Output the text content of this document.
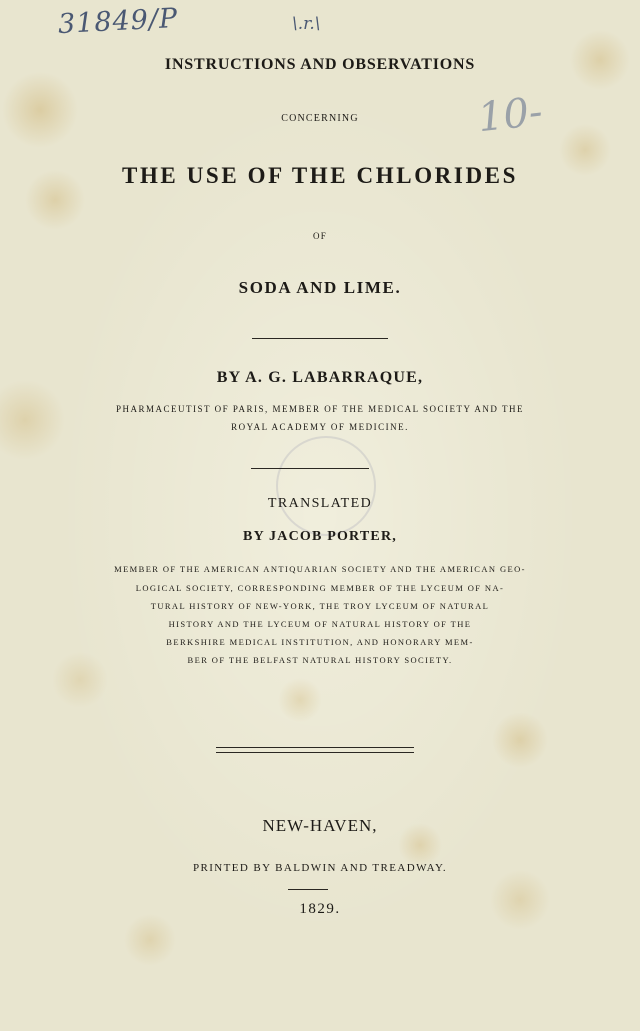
31849/P	\.r.\
10-

INSTRUCTIONS AND OBSERVATIONS

CONCERNING

THE USE OF THE CHLORIDES

OF

SODA AND LIME.

BY A. G. LABARRAQUE,

PHARMACEUTIST OF PARIS, MEMBER OF THE MEDICAL SOCIETY AND THE

ROYAL ACADEMY OF MEDICINE.

TRANSLATED

BY JACOB PORTER,

MEMBER OF THE AMERICAN ANTIQUARIAN SOCIETY AND THE AMERICAN GEO-

LOGICAL SOCIETY, CORRESPONDING MEMBER OF THE LYCEUM OF NA-

TURAL HISTORY OF NEW-YORK, THE TROY LYCEUM OF NATURAL

HISTORY AND THE LYCEUM OF NATURAL HISTORY OF THE

BERKSHIRE MEDICAL INSTITUTION, AND HONORARY MEM-

BER OF THE BELFAST NATURAL HISTORY SOCIETY.

NEW-HAVEN,

PRINTED BY BALDWIN AND TREADWAY.

1829.
